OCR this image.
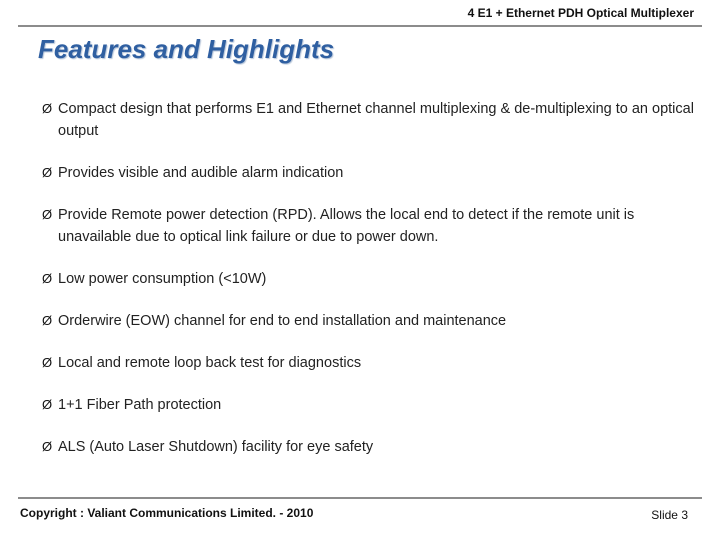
4 E1 + Ethernet PDH Optical Multiplexer
Features and Highlights
Ø Compact design that performs E1 and Ethernet channel multiplexing & de-multiplexing to an optical output
Ø Provides visible and audible alarm indication
Ø Provide Remote power detection (RPD). Allows the local end to detect if the remote unit is unavailable due to optical link failure or due to power down.
Ø Low power consumption (<10W)
Ø Orderwire (EOW) channel for end to end installation and maintenance
Ø Local and remote loop back test for diagnostics
Ø 1+1 Fiber Path protection
Ø ALS (Auto Laser Shutdown) facility for eye safety
Copyright : Valiant Communications Limited. - 2010	Slide 3
